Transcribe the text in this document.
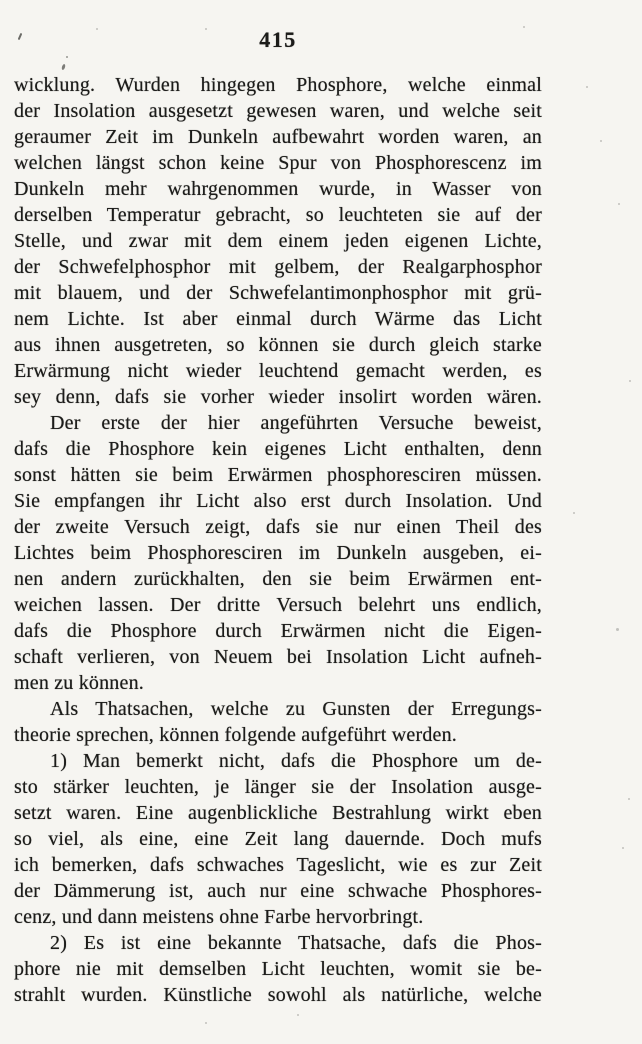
415
wicklung. Wurden hingegen Phosphore, welche einmal
der Insolation ausgesetzt gewesen waren, und welche seit
geraumer Zeit im Dunkeln aufbewahrt worden waren, an
welchen längst schon keine Spur von Phosphorescenz im
Dunkeln mehr wahrgenommen wurde, in Wasser von
derselben Temperatur gebracht, so leuchteten sie auf der
Stelle, und zwar mit dem einem jeden eigenen Lichte,
der Schwefelphosphor mit gelbem, der Realgarphosphor
mit blauem, und der Schwefelantimonphosphor mit grü-
nem Lichte. Ist aber einmal durch Wärme das Licht
aus ihnen ausgetreten, so können sie durch gleich starke
Erwärmung nicht wieder leuchtend gemacht werden, es
sey denn, dafs sie vorher wieder insolirt worden wären.
Der erste der hier angeführten Versuche beweist,
dafs die Phosphore kein eigenes Licht enthalten, denn
sonst hätten sie beim Erwärmen phosphoresciren müssen.
Sie empfangen ihr Licht also erst durch Insolation. Und
der zweite Versuch zeigt, dafs sie nur einen Theil des
Lichtes beim Phosphoresciren im Dunkeln ausgeben, ei-
nen andern zurückhalten, den sie beim Erwärmen ent-
weichen lassen. Der dritte Versuch belehrt uns endlich,
dafs die Phosphore durch Erwärmen nicht die Eigen-
schaft verlieren, von Neuem bei Insolation Licht aufneh-
men zu können.
Als Thatsachen, welche zu Gunsten der Erregungs-
theorie sprechen, können folgende aufgeführt werden.
1) Man bemerkt nicht, dafs die Phosphore um de-
sto stärker leuchten, je länger sie der Insolation ausge-
setzt waren. Eine augenblickliche Bestrahlung wirkt eben
so viel, als eine, eine Zeit lang dauernde. Doch mufs
ich bemerken, dafs schwaches Tageslicht, wie es zur Zeit
der Dämmerung ist, auch nur eine schwache Phosphores-
cenz, und dann meistens ohne Farbe hervorbringt.
2) Es ist eine bekannte Thatsache, dafs die Phos-
phore nie mit demselben Licht leuchten, womit sie be-
strahlt wurden. Künstliche sowohl als natürliche, welche
